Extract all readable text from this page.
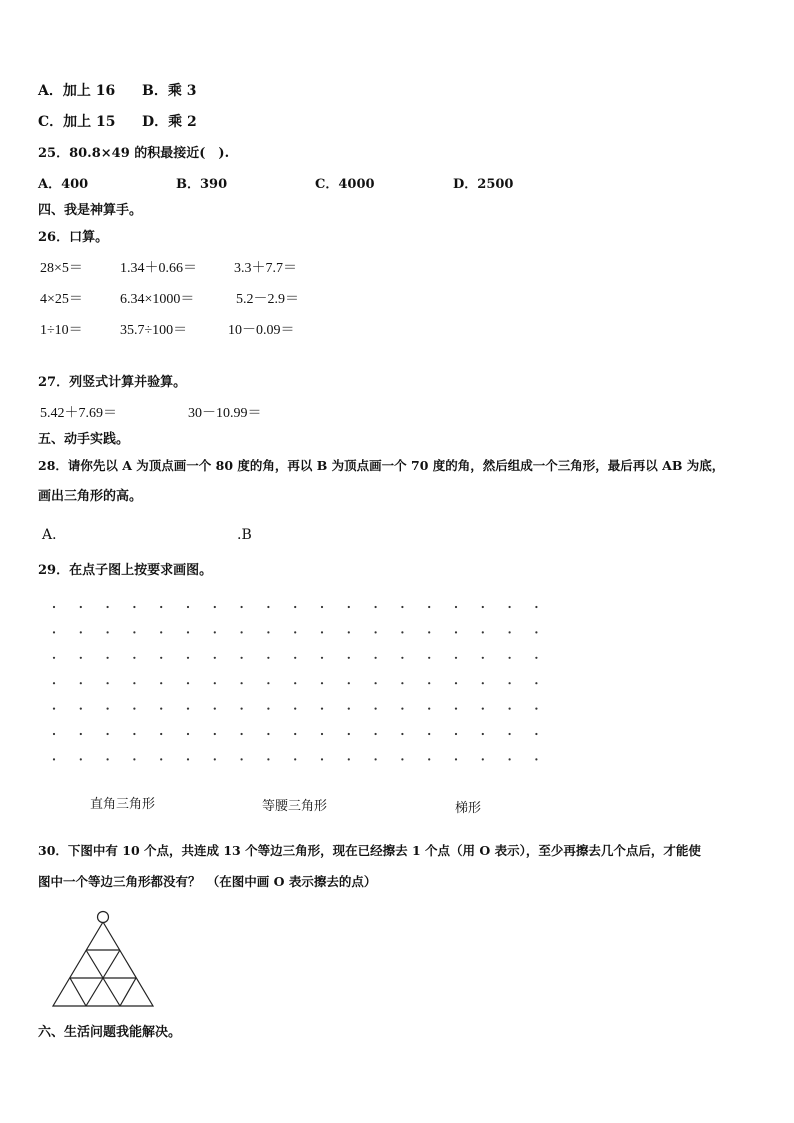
A．加上 16 B．乘 3
C．加上 15 D．乘 2
25．80.8×49 的积最接近(　).
A．400	B．390	C．4000	D．2500
四、我是神算手。
26．口算。
28×5＝	1.34＋0.66＝	3.3＋7.7＝
4×25＝	6.34×1000＝	5.2－2.9＝
1÷10＝	35.7÷100＝	10－0.09＝
27．列竖式计算并验算。
5.42＋7.69＝	30－10.99＝
五、动手实践。
28．请你先以 A 为顶点画一个 80 度的角，再以 B 为顶点画一个 70 度的角，然后组成一个三角形，最后再以 AB 为底，
画出三角形的高。
A．	.B
29．在点子图上按要求画图。
直角三角形	等腰三角形	梯形
30．下图中有 10 个点，共连成 13 个等边三角形，现在已经擦去 1 个点（用 O 表示），至少再擦去几个点后，才能使
图中一个等边三角形都没有？　（在图中画 O 表示擦去的点）
六、生活问题我能解决。
